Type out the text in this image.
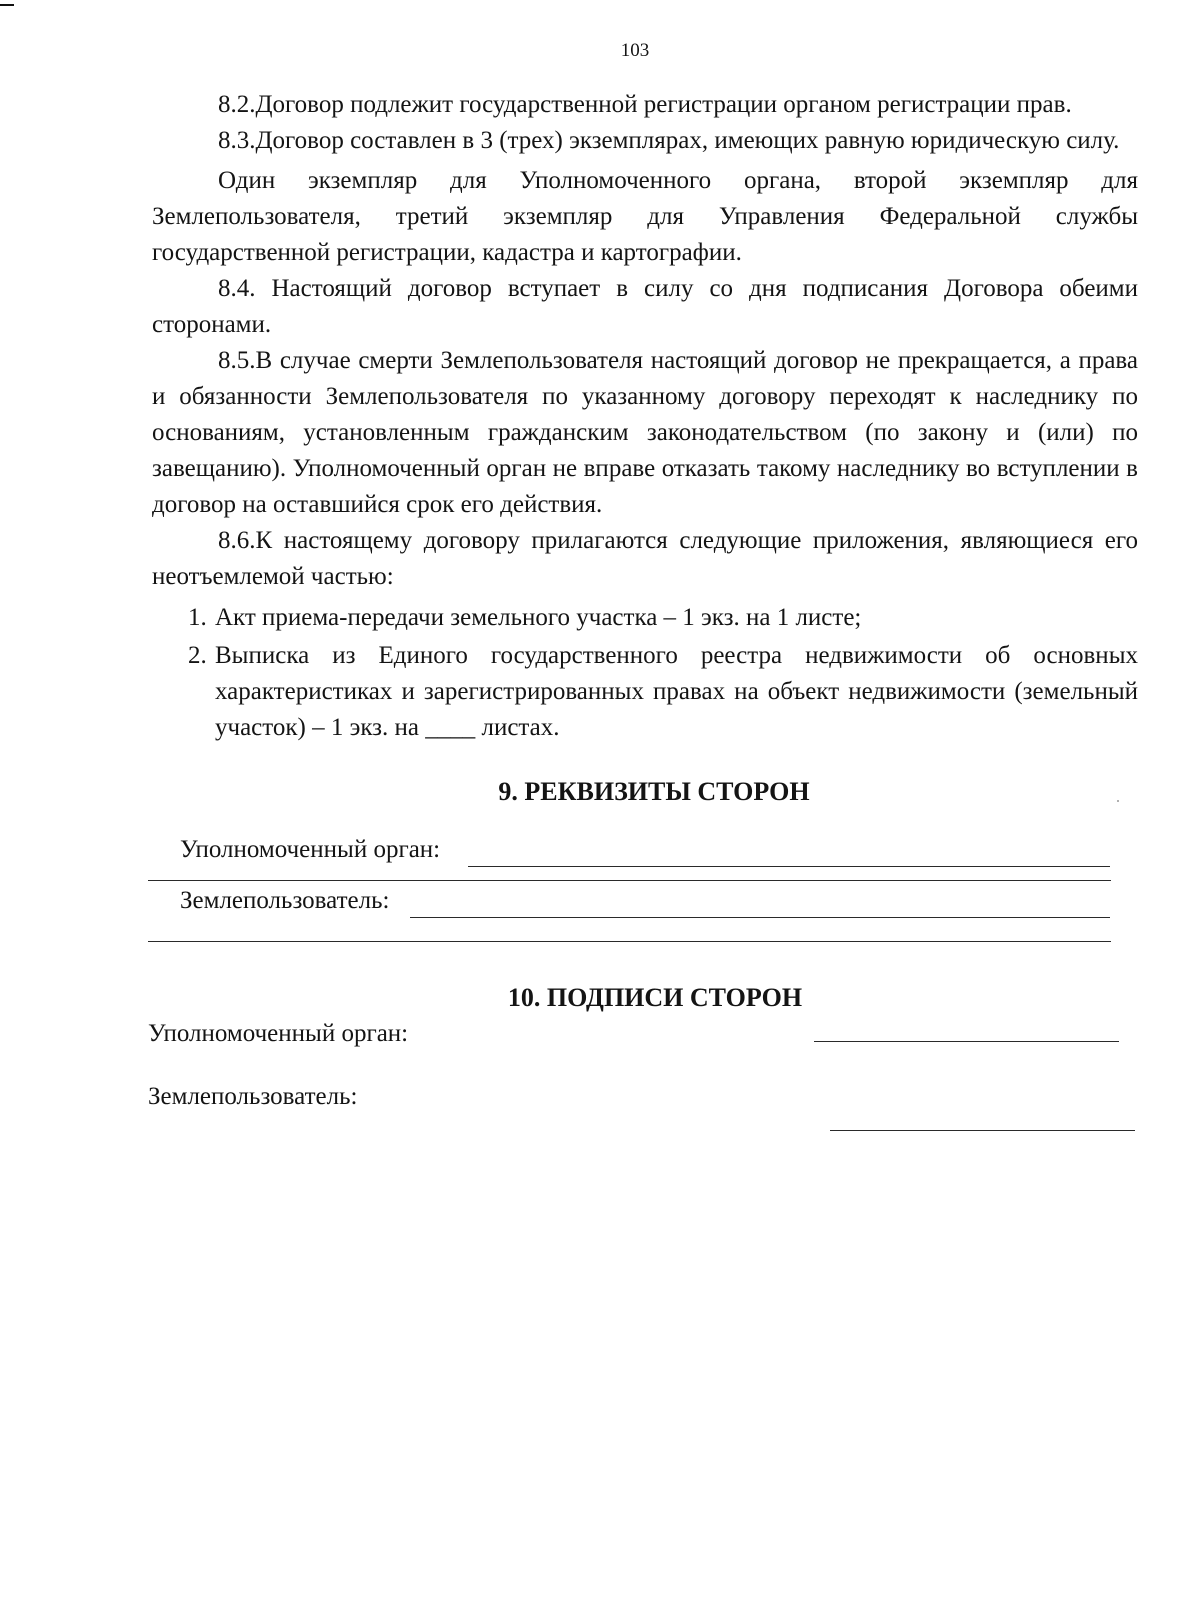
103

8.2.Договор подлежит государственной регистрации органом регистрации прав.

8.3.Договор составлен в 3 (трех) экземплярах, имеющих равную юридическую силу.

Один экземпляр для Уполномоченного органа, второй экземпляр для Землепользователя, третий экземпляр для Управления Федеральной службы государственной регистрации, кадастра и картографии.

8.4. Настоящий договор вступает в силу со дня подписания Договора обеими сторонами.

8.5.В случае смерти Землепользователя настоящий договор не прекращается, а права и обязанности Землепользователя по указанному договору переходят к наследнику по основаниям, установленным гражданским законодательством (по закону и (или) по завещанию). Уполномоченный орган не вправе отказать такому наследнику во вступлении в договор на оставшийся срок его действия.

8.6.К настоящему договору прилагаются следующие приложения, являющиеся его неотъемлемой частью:

1. Акт приема-передачи земельного участка – 1 экз. на 1 листе;
2. Выписка из Единого государственного реестра недвижимости об основных характеристиках и зарегистрированных правах на объект недвижимости (земельный участок) – 1 экз. на ____ листах.
9. РЕКВИЗИТЫ СТОРОН
Уполномоченный орган:
Землепользователь:
10. ПОДПИСИ СТОРОН
Уполномоченный орган:
Землепользователь:
